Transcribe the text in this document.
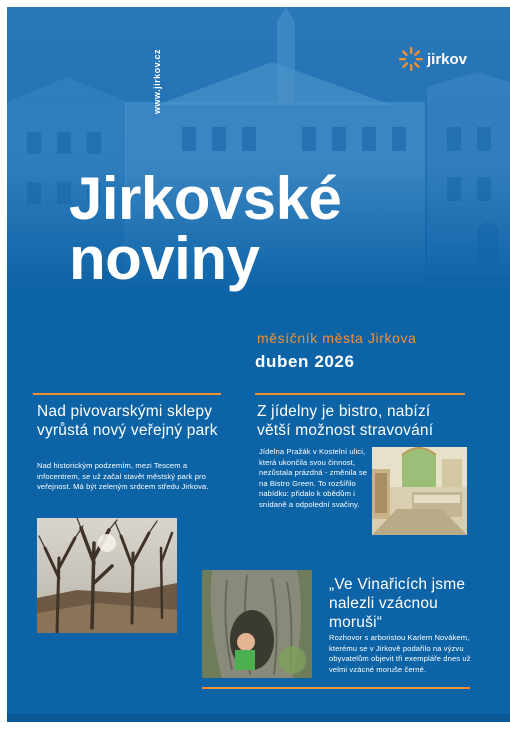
www.jirkov.cz	jirkov
Jirkovské
noviny
měsíčník města Jirkova
duben 2026
Nad pivovarskými sklepy vyrůstá nový veřejný park
Nad historickým podzemím, mezi Tescem a infocentrem, se už začal stavět městský park pro veřejnost. Má být zeleným srdcem středu Jirkova.
Z jídelny je bistro, nabízí větší možnost stravování
Jídelna Pražák v Kostelní ulici, která ukončila svou činnost, nezůstala prázdná - změnila se na Bistro Green. To rozšířilo nabídku: přidalo k obědům i snídaně a odpolední svačiny.
„Ve Vinařicích jsme nalezli vzácnou moruši“
Rozhovor s arboristou Karlem Novákem, kterému se v Jirkově podařilo na výzvu obyvatelům objevit tři exempláře dnes už velmi vzácné moruše černé.
